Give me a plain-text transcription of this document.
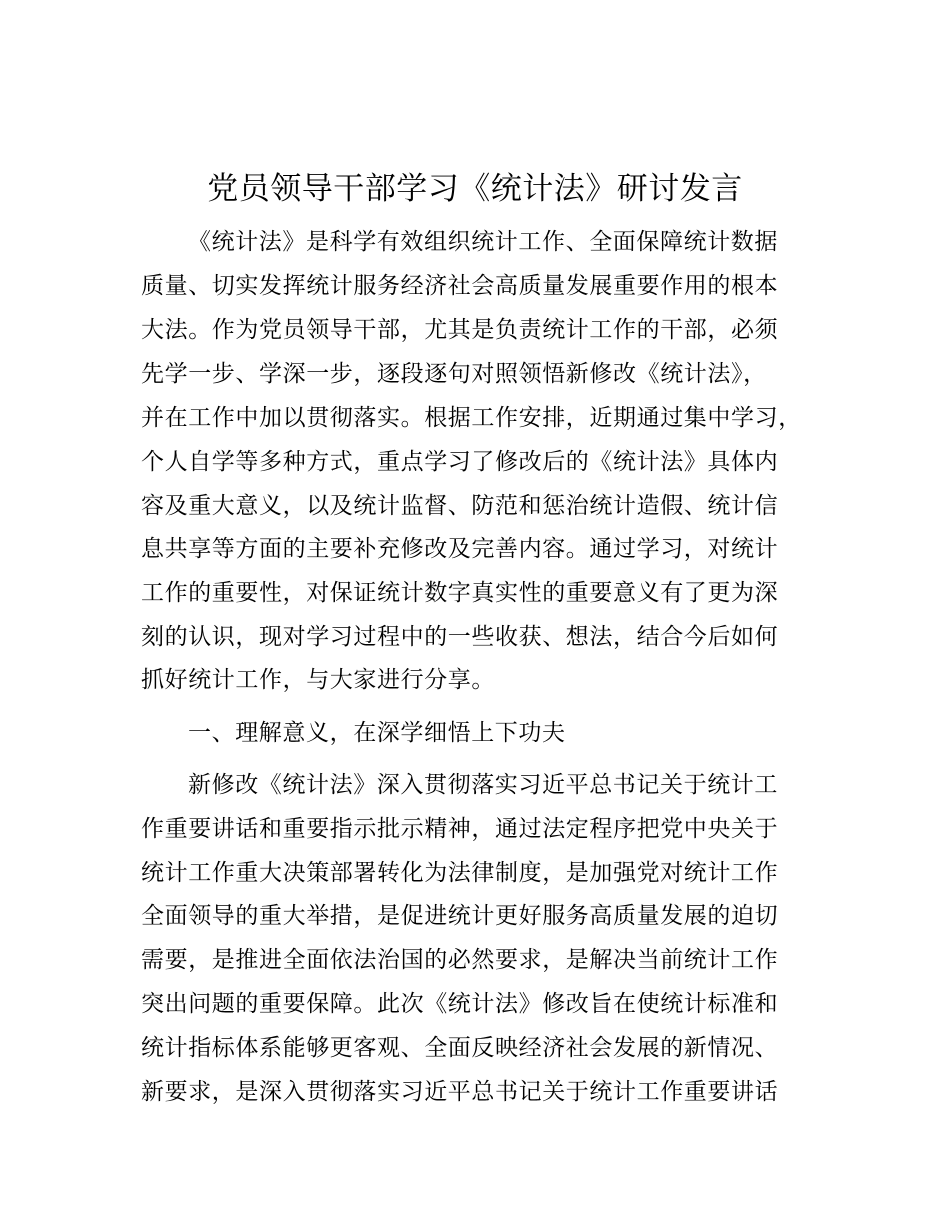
党员领导干部学习《统计法》研讨发言
《统计法》是科学有效组织统计工作、全面保障统计数据
质量、切实发挥统计服务经济社会高质量发展重要作用的根本
大法。作为党员领导干部，尤其是负责统计工作的干部，必须
先学一步、学深一步，逐段逐句对照领悟新修改《统计法》，
并在工作中加以贯彻落实。根据工作安排，近期通过集中学习，
个人自学等多种方式，重点学习了修改后的《统计法》具体内
容及重大意义，以及统计监督、防范和惩治统计造假、统计信
息共享等方面的主要补充修改及完善内容。通过学习，对统计
工作的重要性，对保证统计数字真实性的重要意义有了更为深
刻的认识，现对学习过程中的一些收获、想法，结合今后如何
抓好统计工作，与大家进行分享。
一、理解意义，在深学细悟上下功夫
新修改《统计法》深入贯彻落实习近平总书记关于统计工
作重要讲话和重要指示批示精神，通过法定程序把党中央关于
统计工作重大决策部署转化为法律制度，是加强党对统计工作
全面领导的重大举措，是促进统计更好服务高质量发展的迫切
需要，是推进全面依法治国的必然要求，是解决当前统计工作
突出问题的重要保障。此次《统计法》修改旨在使统计标准和
统计指标体系能够更客观、全面反映经济社会发展的新情况、
新要求，是深入贯彻落实习近平总书记关于统计工作重要讲话
